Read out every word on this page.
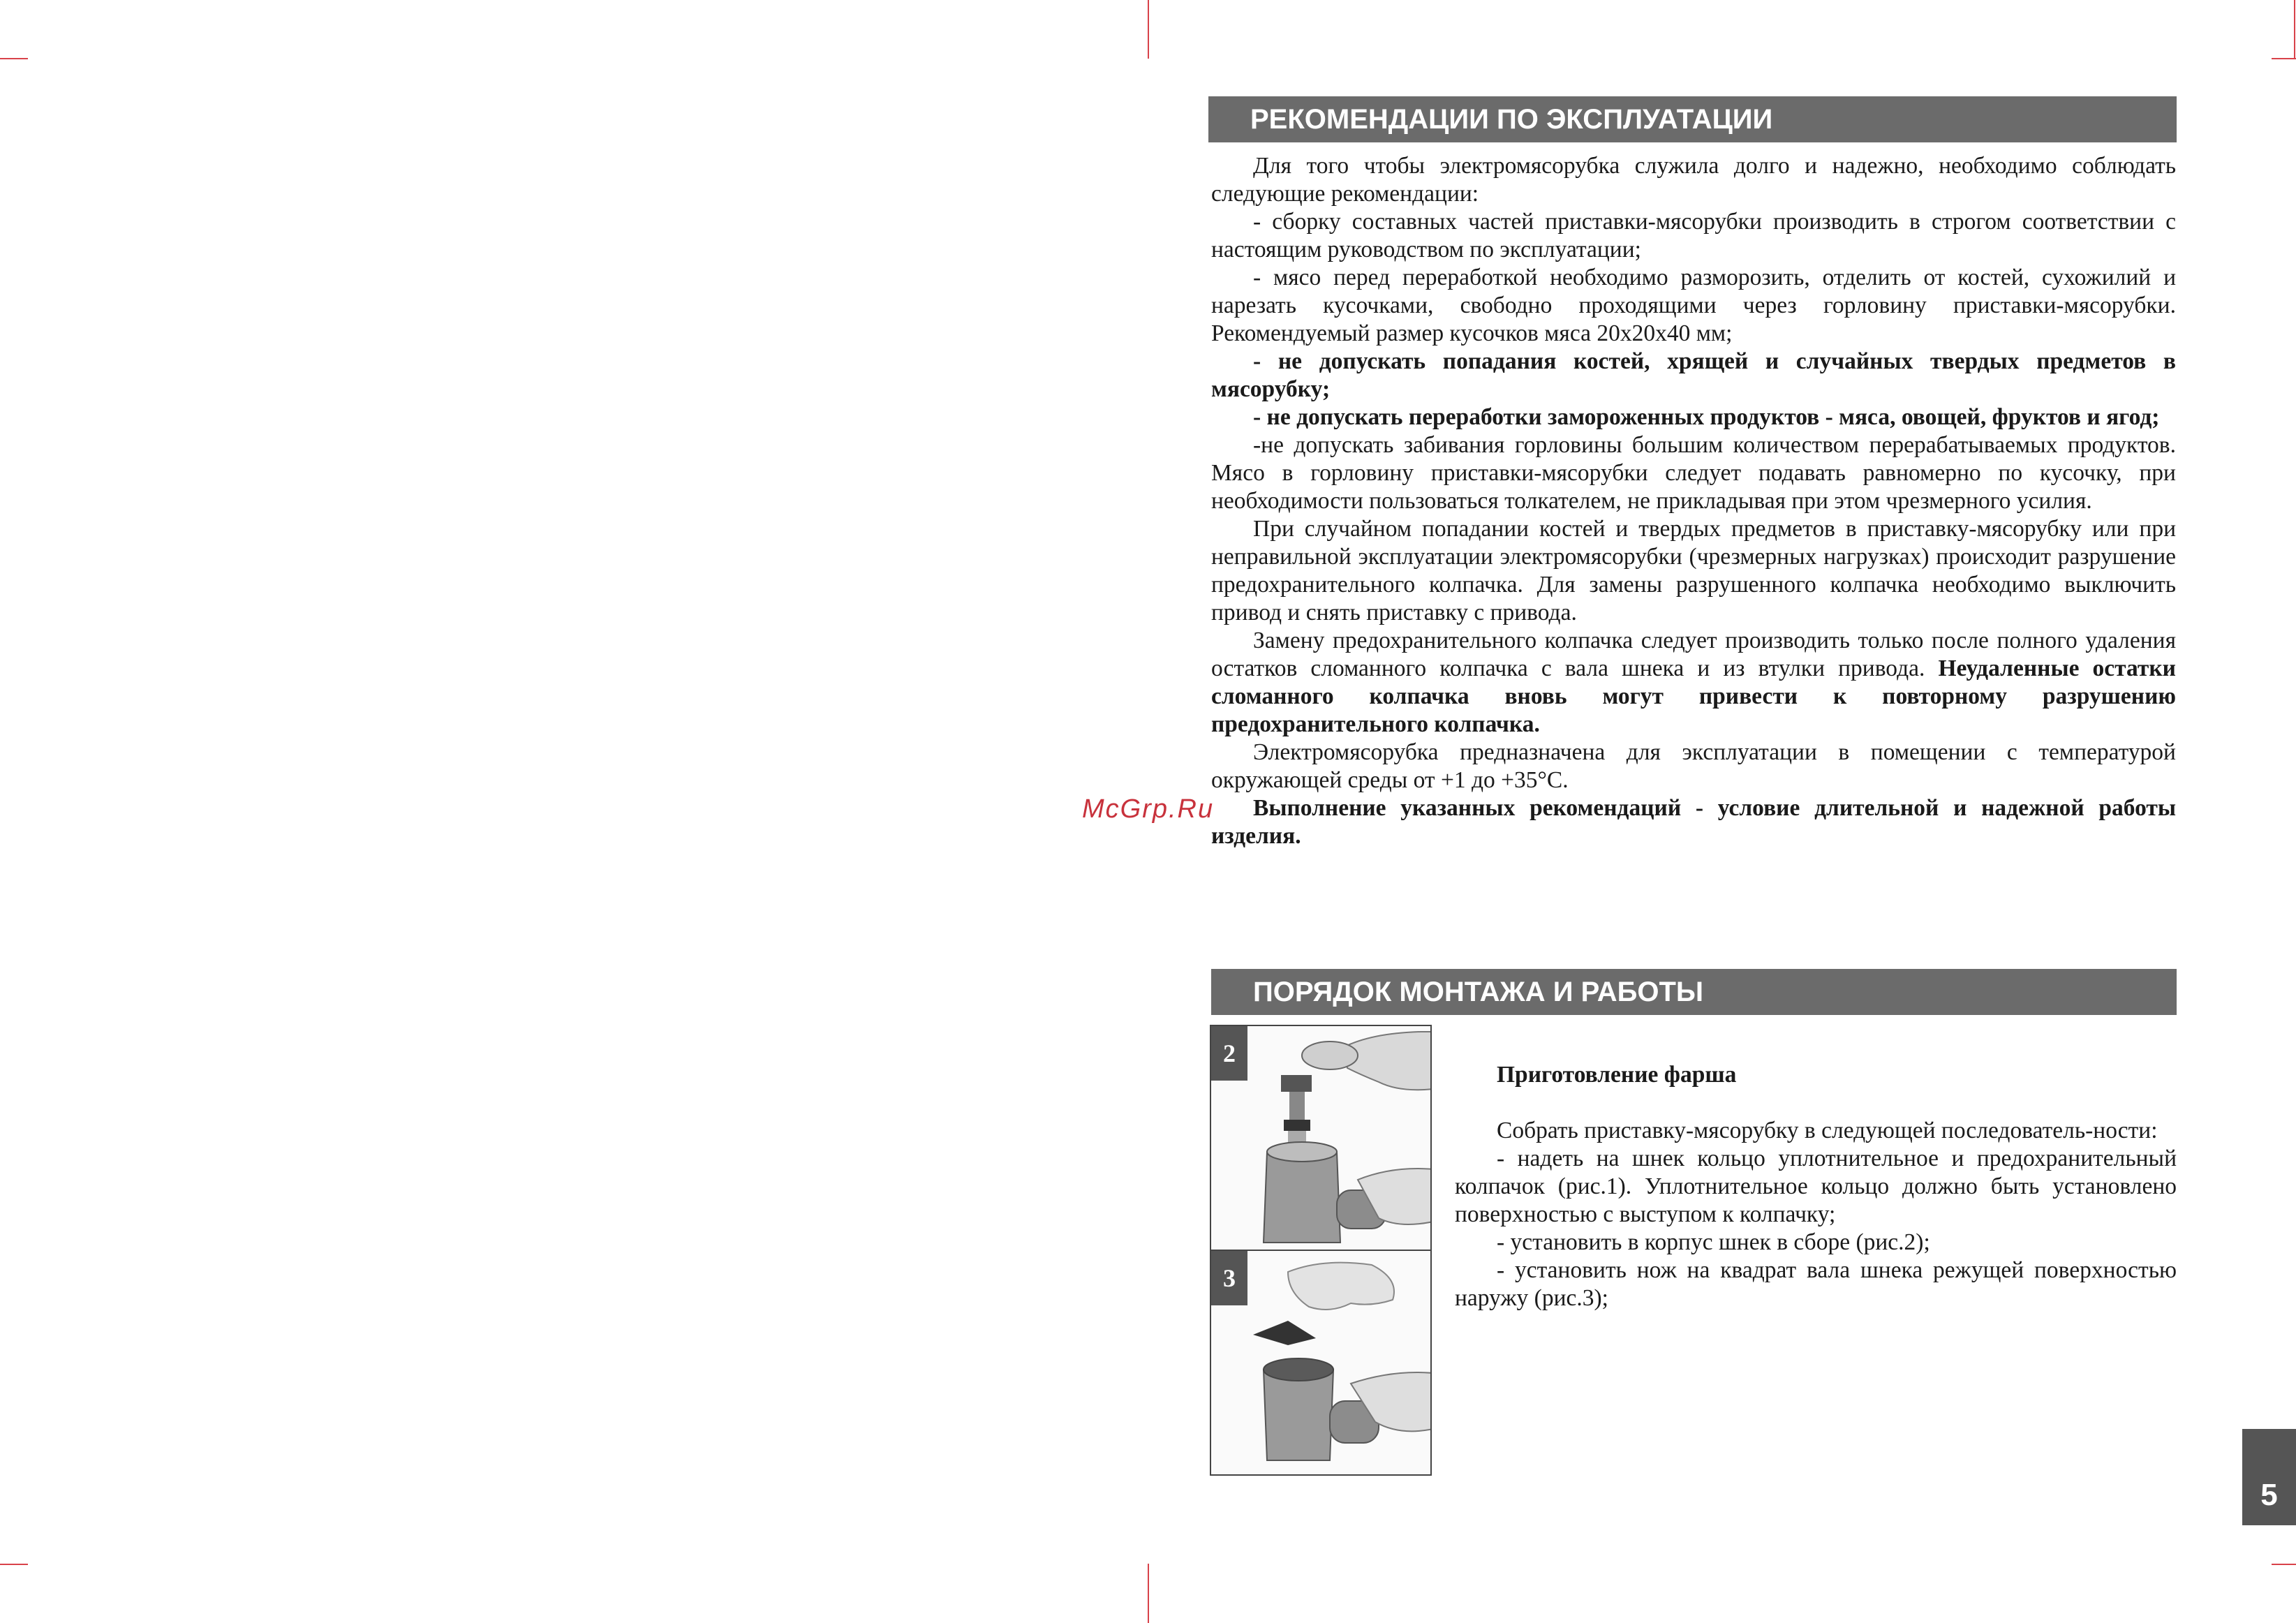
McGrp.Ru
РЕКОМЕНДАЦИИ ПО ЭКСПЛУАТАЦИИ

Для того чтобы электромясорубка служила долго и надежно, необходимо соблюдать следующие рекомендации:

- сборку составных частей приставки-мясорубки производить в строгом соответствии с настоящим руководством по эксплуатации;

- мясо перед переработкой необходимо разморозить, отделить от костей, сухожилий и нарезать кусочками, свободно проходящими через горловину приставки-мясорубки. Рекомендуемый размер кусочков мяса 20х20х40 мм;

- не допускать попадания костей, хрящей и случайных твердых предметов в мясорубку;

- не допускать переработки замороженных продуктов - мяса, овощей, фруктов и ягод;

-не допускать забивания горловины большим количеством перерабатываемых продуктов. Мясо в горловину приставки-мясорубки следует подавать равномерно по кусочку, при необходимости пользоваться толкателем, не прикладывая при этом чрезмерного усилия.

При случайном попадании костей и твердых предметов в приставку-мясорубку или при неправильной эксплуатации электромясорубки (чрезмерных нагрузках) происходит разрушение предохранительного колпачка. Для замены разрушенного колпачка необходимо выключить привод и снять приставку с привода.

Замену предохранительного колпачка следует производить только после полного удаления остатков сломанного колпачка с вала шнека и из втулки привода. Неудаленные остатки сломанного колпачка вновь могут привести к повторному разрушению предохранительного колпачка.

Электромясорубка предназначена для эксплуатации в помещении с температурой окружающей среды от +1 до +35°С.

Выполнение указанных рекомендаций - условие длительной и надежной работы изделия.

ПОРЯДОК МОНТАЖА И РАБОТЫ
2
3

Приготовление фарша

Собрать приставку-мясорубку в следующей последователь-ности:

- надеть на шнек кольцо уплотнительное и предохранительный колпачок (рис.1). Уплотнительное кольцо должно быть установлено поверхностью с выступом к колпачку;

- установить в корпус шнек в сборе (рис.2);

- установить нож на квадрат вала шнека режущей поверхностью наружу (рис.3);

5
